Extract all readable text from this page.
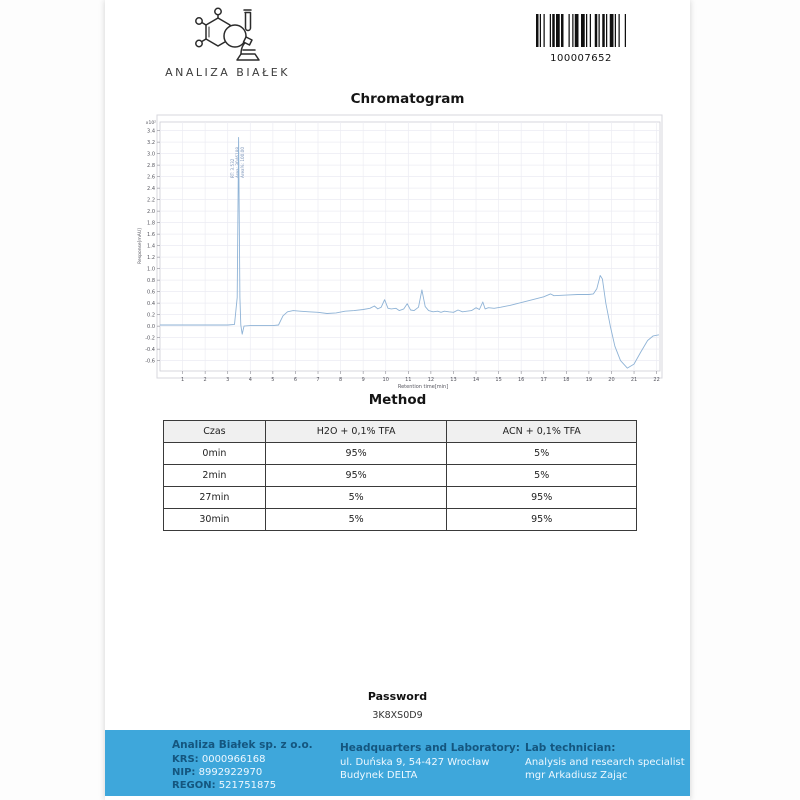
ANALIZA BIAŁEK
100007652
Chromatogram
1	2	3	4	5	6	7	8	9	10	11	12	13	14	15	16	17	18	19	20	21	22
3.4
3.2
3.0
2.8
2.6
2.4
2.2
2.0
1.8
1.6
1.4
1.2
1.0
0.8
0.6
0.4
0.2
0.0
-0.2
-0.4
-0.6
x10²
Retention time[min]
Response[mAU]
RT: 3.532 Area: 3046188 Area%: 100.00
Method
Czas	H2O + 0,1% TFA	ACN + 0,1% TFA
0min	95%	5%
2min	95%	5%
27min	5%	95%
30min	5%	95%
Password
3K8XS0D9
Analiza Białek sp. z o.o.
KRS: 0000966168
NIP: 8992922970
REGON: 521751875
Headquarters and Laboratory:
ul. Duńska 9, 54-427 Wrocław
Budynek DELTA
Lab technician:
Analysis and research specialist
mgr Arkadiusz Zając
